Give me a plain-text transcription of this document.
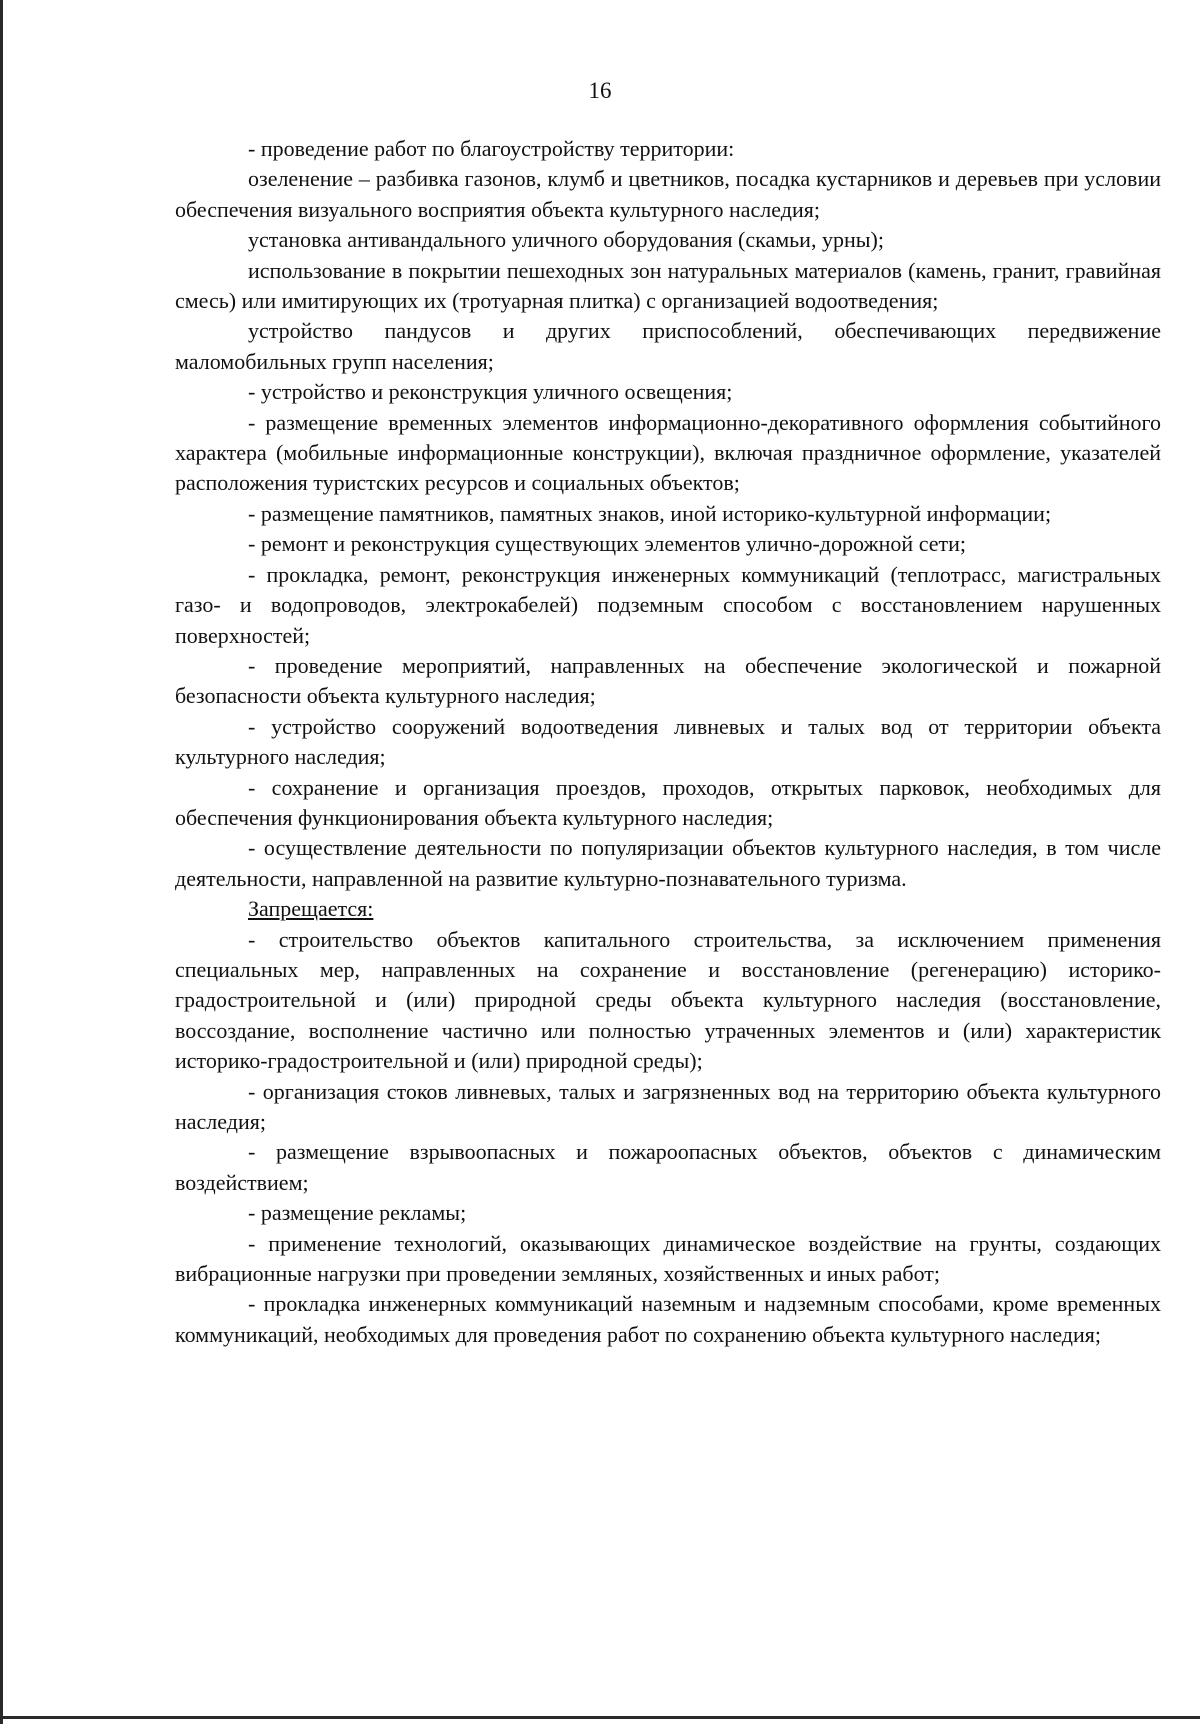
16

- проведение работ по благоустройству территории:

озеленение – разбивка газонов, клумб и цветников, посадка кустарников и деревьев при условии обеспечения визуального восприятия объекта культурного наследия;

установка антивандального уличного оборудования (скамьи, урны);

использование в покрытии пешеходных зон натуральных материалов (камень, гранит, гравийная смесь) или имитирующих их (тротуарная плитка) с организацией водоотведения;

устройство пандусов и других приспособлений, обеспечивающих передвижение маломобильных групп населения;

- устройство и реконструкция уличного освещения;

- размещение временных элементов информационно-декоративного оформления событийного характера (мобильные информационные конструкции), включая праздничное оформление, указателей расположения туристских ресурсов и социальных объектов;

- размещение памятников, памятных знаков, иной историко-культурной информации;

- ремонт и реконструкция существующих элементов улично-дорожной сети;

- прокладка, ремонт, реконструкция инженерных коммуникаций (теплотрасс, магистральных газо- и водопроводов, электрокабелей) подземным способом с восстановлением нарушенных поверхностей;

- проведение мероприятий, направленных на обеспечение экологической и пожарной безопасности объекта культурного наследия;

- устройство сооружений водоотведения ливневых и талых вод от территории объекта культурного наследия;

- сохранение и организация проездов, проходов, открытых парковок, необходимых для обеспечения функционирования объекта культурного наследия;

- осуществление деятельности по популяризации объектов культурного наследия, в том числе деятельности, направленной на развитие культурно-познавательного туризма.

Запрещается:

- строительство объектов капитального строительства, за исключением применения специальных мер, направленных на сохранение и восстановление (регенерацию) историко-градостроительной и (или) природной среды объекта культурного наследия (восстановление, воссоздание, восполнение частично или полностью утраченных элементов и (или) характеристик историко-градостроительной и (или) природной среды);

- организация стоков ливневых, талых и загрязненных вод на территорию объекта культурного наследия;

- размещение взрывоопасных и пожароопасных объектов, объектов с динамическим воздействием;

- размещение рекламы;

- применение технологий, оказывающих динамическое воздействие на грунты, создающих вибрационные нагрузки при проведении земляных, хозяйственных и иных работ;

- прокладка инженерных коммуникаций наземным и надземным способами, кроме временных коммуникаций, необходимых для проведения работ по сохранению объекта культурного наследия;
